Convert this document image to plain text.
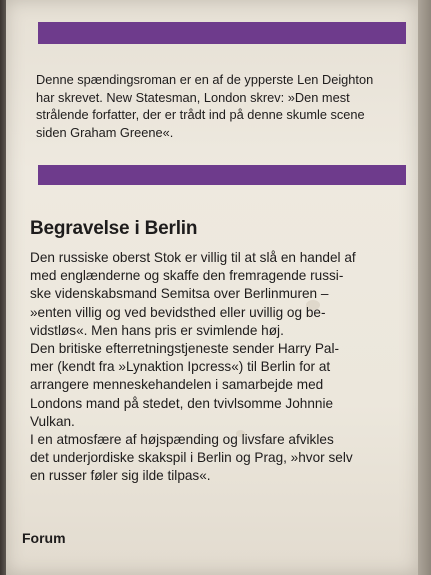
Denne spændingsroman er en af de ypperste Len Deighton
har skrevet. New Statesman, London skrev: »Den mest
strålende forfatter, der er trådt ind på denne skumle scene
siden Graham Greene«.
Begravelse i Berlin
Den russiske oberst Stok er villig til at slå en handel af
med englænderne og skaffe den fremragende russi-
ske videnskabsmand Semitsa over Berlinmuren –
»enten villig og ved bevidsthed eller uvillig og be-
vidstløs«. Men hans pris er svimlende høj.
Den britiske efterretningstjeneste sender Harry Pal-
mer (kendt fra »Lynaktion Ipcress«) til Berlin for at
arrangere menneskehandelen i samarbejde med
Londons mand på stedet, den tvivlsomme Johnnie
Vulkan.
I en atmosfære af højspænding og livsfare afvikles
det underjordiske skakspil i Berlin og Prag, »hvor selv
en russer føler sig ilde tilpas«.
Forum
